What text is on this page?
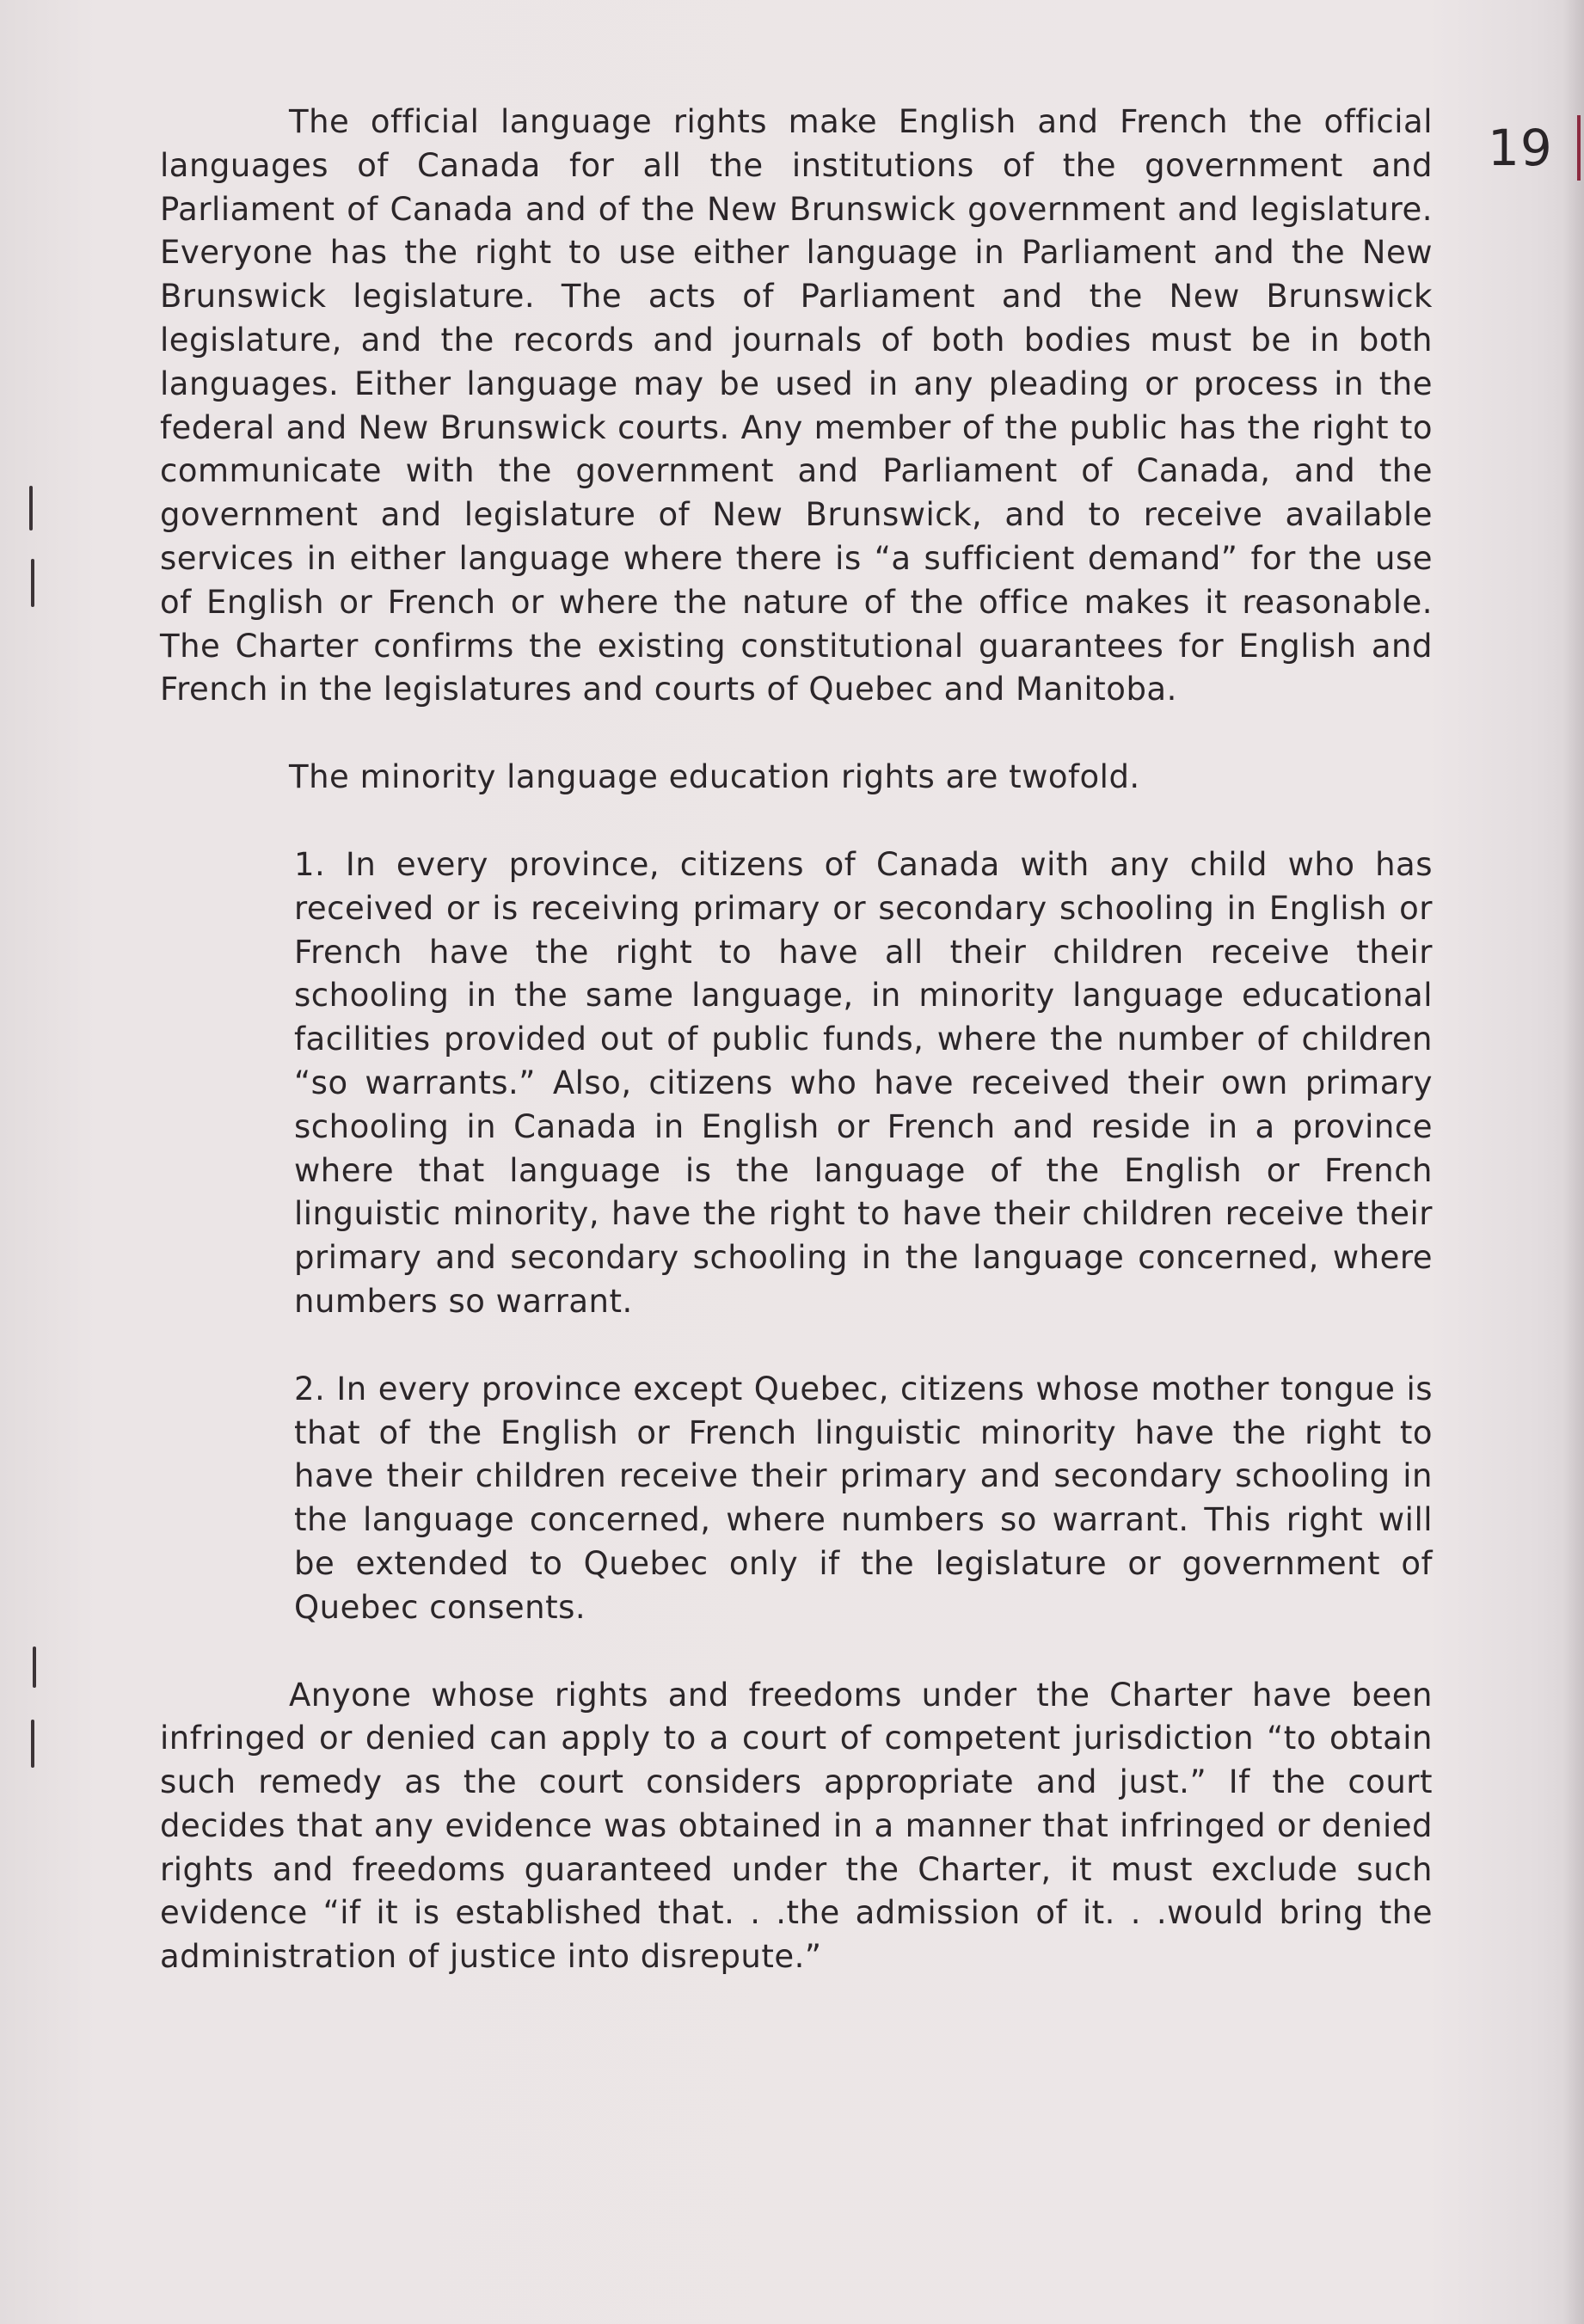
19

The official language rights make English and French the official languages of Canada for all the institutions of the government and Parliament of Canada and of the New Brunswick government and legislature. Everyone has the right to use either language in Parliament and the New Brunswick legislature. The acts of Parliament and the New Brunswick legislature, and the records and journals of both bodies must be in both languages. Either language may be used in any pleading or process in the federal and New Brunswick courts. Any member of the public has the right to communicate with the government and Parliament of Canada, and the government and legislature of New Brunswick, and to receive available services in either language where there is “a sufficient demand” for the use of English or French or where the nature of the office makes it reasonable. The Charter confirms the existing constitutional guarantees for English and French in the legislatures and courts of Quebec and Manitoba.

The minority language education rights are twofold.

1. In every province, citizens of Canada with any child who has received or is receiving primary or secondary schooling in English or French have the right to have all their children receive their schooling in the same language, in minority language educational facilities provided out of public funds, where the number of children “so warrants.” Also, citizens who have received their own primary schooling in Canada in English or French and reside in a province where that language is the language of the English or French linguistic minority, have the right to have their children receive their primary and secondary schooling in the language concerned, where numbers so warrant.

2. In every province except Quebec, citizens whose mother tongue is that of the English or French linguistic minority have the right to have their children receive their primary and secondary schooling in the language concerned, where numbers so warrant. This right will be extended to Quebec only if the legislature or government of Quebec consents.

Anyone whose rights and freedoms under the Charter have been infringed or denied can apply to a court of competent jurisdiction “to obtain such remedy as the court considers appropriate and just.” If the court decides that any evidence was obtained in a manner that infringed or denied rights and freedoms guaranteed under the Charter, it must exclude such evidence “if it is established that. . .the admission of it. . .would bring the administration of justice into disrepute.”
